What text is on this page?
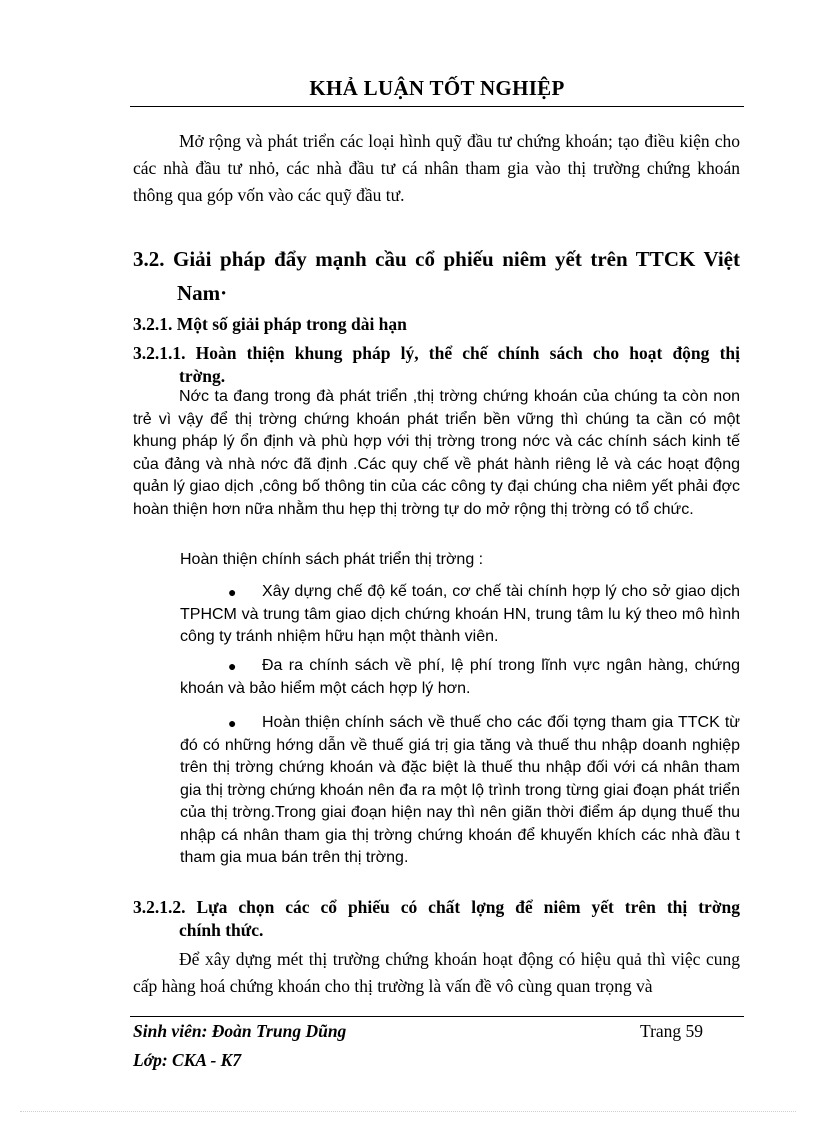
KHẢ LUẬN TỐT NGHIỆP

Mở rộng và phát triển các loại hình quỹ đầu tư chứng khoán; tạo điều kiện cho các nhà đầu tư nhỏ, các nhà đầu tư cá nhân tham gia vào thị trường chứng khoán thông qua góp vốn vào các quỹ đầu tư.

3.2. Giải pháp đẩy mạnh cầu cổ phiếu niêm yết trên TTCK Việt
Nam·
3.2.1. Một số giải pháp trong dài hạn
3.2.1.1. Hoàn thiện khung pháp lý, thể chế chính sách cho hoạt động thị
trờng.

Nớc ta đang trong đà phát triển ,thị trờng chứng khoán của chúng ta còn non trẻ vì vậy để thị trờng chứng khoán phát triển bền vững thì chúng ta cần có một khung pháp lý ổn định và phù hợp với thị trờng trong nớc và các chính sách kinh tế của đảng và nhà nớc đã định .Các quy chế về phát hành riêng lẻ và các hoạt động quản lý giao dịch ,công bố thông tin của các công ty đại chúng cha niêm yết phải đợc hoàn thiện hơn nữa nhằm thu hẹp thị trờng tự do mở rộng thị trờng có tổ chức.

Hoàn thiện chính sách phát triển thị trờng :

●	Xây dựng chế độ kế toán, cơ chế tài chính hợp lý cho sở giao dịch TPHCM và trung tâm giao dịch chứng khoán HN, trung tâm lu ký theo mô hình công ty tránh nhiệm hữu hạn một thành viên.
●	Đa ra chính sách về phí, lệ phí trong lĩnh vực ngân hàng, chứng khoán và bảo hiểm một cách hợp lý hơn.
●	Hoàn thiện chính sách về thuế cho các đối tợng tham gia TTCK từ đó có những hớng dẫn về thuế giá trị gia tăng và thuế thu nhập doanh nghiệp trên thị trờng chứng khoán và đặc biệt là thuế thu nhập đối với cá nhân tham gia thị trờng chứng khoán nên đa ra một lộ trình trong từng giai đoạn phát triển của thị trờng.Trong giai đoạn hiện nay thì nên giãn thời điểm áp dụng thuế thu nhập cá nhân tham gia thị trờng chứng khoán để khuyến khích các nhà đầu t tham gia mua bán trên thị trờng.
3.2.1.2. Lựa chọn các cổ phiếu có chất lợng để niêm yết trên thị trờng
chính thức.

Để xây dựng mét thị trường chứng khoán hoạt động có hiệu quả thì việc cung cấp hàng hoá chứng khoán cho thị trường là vấn đề vô cùng quan trọng và

Sinh viên: Đoàn Trung Dũng

Lớp: CKA - K7

Trang 59
